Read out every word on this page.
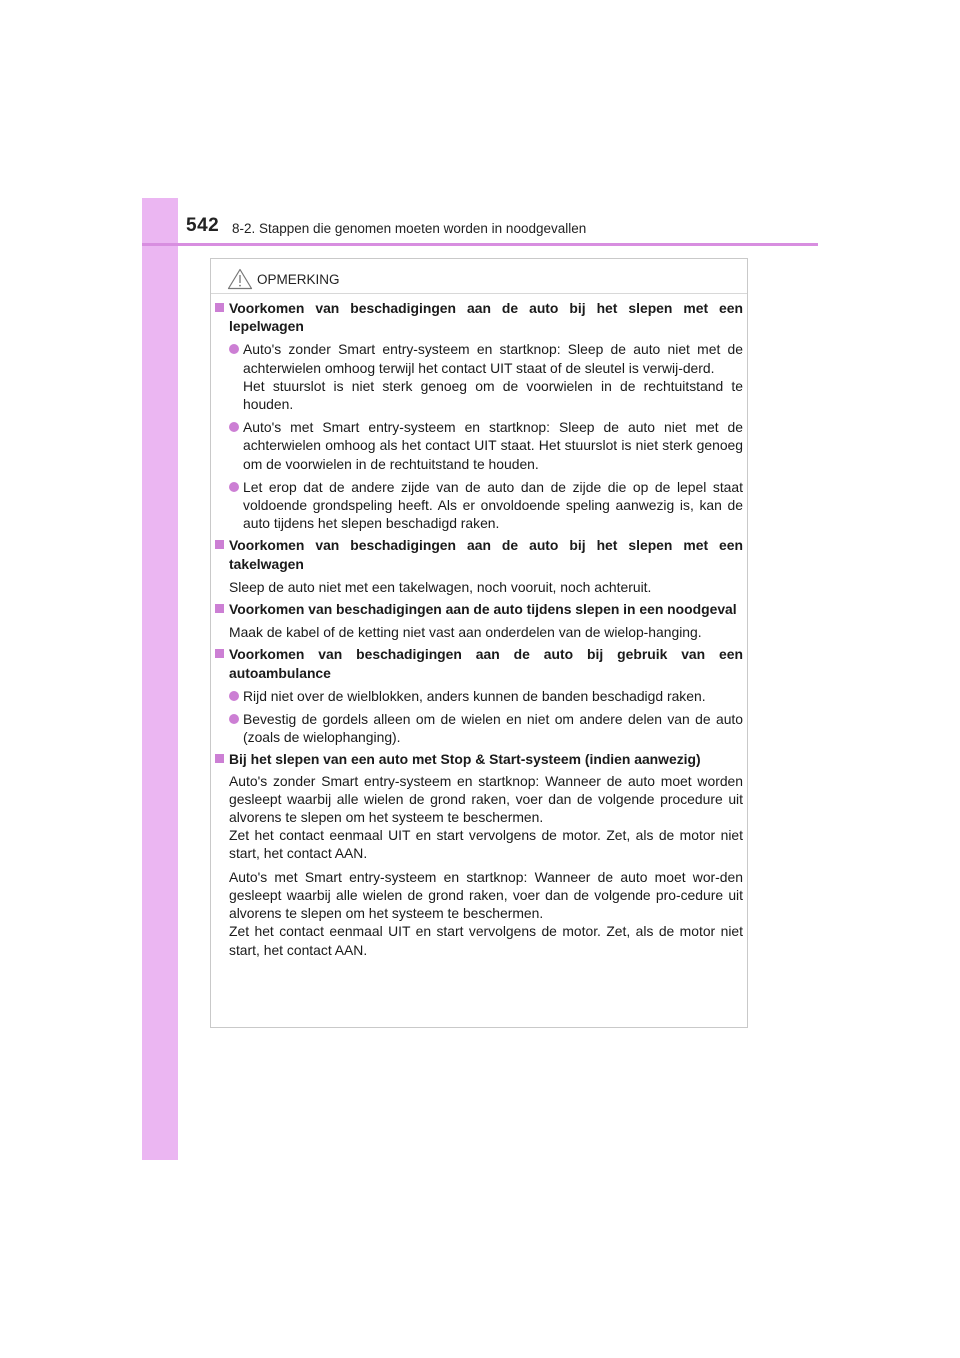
542 8-2. Stappen die genomen moeten worden in noodgevallen
OPMERKING
Voorkomen van beschadigingen aan de auto bij het slepen met een lepelwagen
Auto's zonder Smart entry-systeem en startknop: Sleep de auto niet met de achterwielen omhoog terwijl het contact UIT staat of de sleutel is verwij-derd.
Het stuurslot is niet sterk genoeg om de voorwielen in de rechtuitstand te houden.
Auto's met Smart entry-systeem en startknop: Sleep de auto niet met de achterwielen omhoog als het contact UIT staat. Het stuurslot is niet sterk genoeg om de voorwielen in de rechtuitstand te houden.
Let erop dat de andere zijde van de auto dan de zijde die op de lepel staat voldoende grondspeling heeft. Als er onvoldoende speling aanwezig is, kan de auto tijdens het slepen beschadigd raken.
Voorkomen van beschadigingen aan de auto bij het slepen met een takelwagen
Sleep de auto niet met een takelwagen, noch vooruit, noch achteruit.
Voorkomen van beschadigingen aan de auto tijdens slepen in een noodgeval
Maak de kabel of de ketting niet vast aan onderdelen van de wielop-hanging.
Voorkomen van beschadigingen aan de auto bij gebruik van een autoambulance
Rijd niet over de wielblokken, anders kunnen de banden beschadigd raken.
Bevestig de gordels alleen om de wielen en niet om andere delen van de auto (zoals de wielophanging).
Bij het slepen van een auto met Stop & Start-systeem (indien aanwezig)
Auto's zonder Smart entry-systeem en startknop: Wanneer de auto moet worden gesleept waarbij alle wielen de grond raken, voer dan de volgende procedure uit alvorens te slepen om het systeem te beschermen.
Zet het contact eenmaal UIT en start vervolgens de motor. Zet, als de motor niet start, het contact AAN.
Auto's met Smart entry-systeem en startknop: Wanneer de auto moet wor-den gesleept waarbij alle wielen de grond raken, voer dan de volgende pro-cedure uit alvorens te slepen om het systeem te beschermen.
Zet het contact eenmaal UIT en start vervolgens de motor. Zet, als de motor niet start, het contact AAN.
